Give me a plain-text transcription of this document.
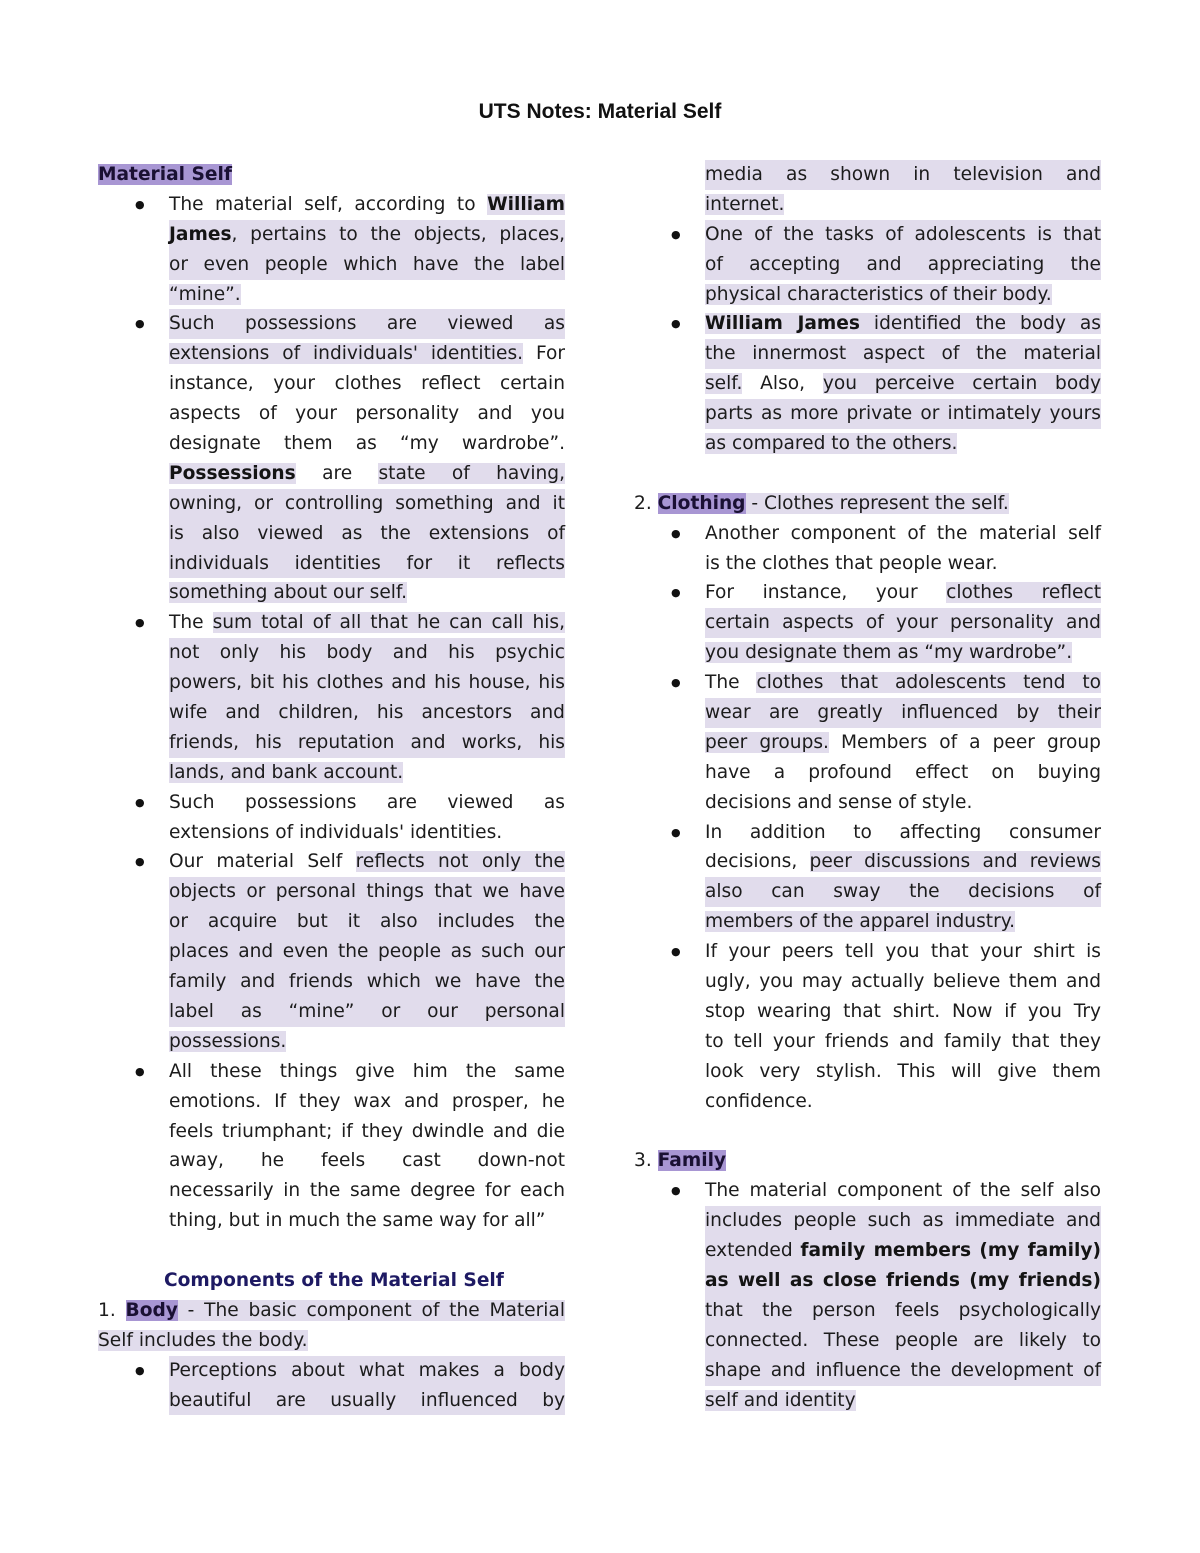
UTS Notes: Material Self
Material Self
● The material self, according to William
James, pertains to the objects, places,
or even people which have the label
“mine”.
● Such possessions are viewed as
extensions of individuals' identities. For
instance, your clothes reflect certain
aspects of your personality and you
designate them as “my wardrobe”.
Possessions are state of having,
owning, or controlling something and it
is also viewed as the extensions of
individuals identities for it reflects
something about our self.
● The sum total of all that he can call his,
not only his body and his psychic
powers, bit his clothes and his house, his
wife and children, his ancestors and
friends, his reputation and works, his
lands, and bank account.
● Such possessions are viewed as
extensions of individuals' identities.
● Our material Self reflects not only the
objects or personal things that we have
or acquire but it also includes the
places and even the people as such our
family and friends which we have the
label as “mine” or our personal
possessions.
● All these things give him the same
emotions. If they wax and prosper, he
feels triumphant; if they dwindle and die
away, he feels cast down-not
necessarily in the same degree for each
thing, but in much the same way for all”
Components of the Material Self
1. Body - The basic component of the Material
Self includes the body.
● Perceptions about what makes a body
beautiful are usually influenced by
media as shown in television and
internet.
● One of the tasks of adolescents is that
of accepting and appreciating the
physical characteristics of their body.
● William James identified the body as
the innermost aspect of the material
self. Also, you perceive certain body
parts as more private or intimately yours
as compared to the others.
2. Clothing - Clothes represent the self.
● Another component of the material self
is the clothes that people wear.
● For instance, your clothes reflect
certain aspects of your personality and
you designate them as “my wardrobe”.
● The clothes that adolescents tend to
wear are greatly influenced by their
peer groups. Members of a peer group
have a profound effect on buying
decisions and sense of style.
● In addition to affecting consumer
decisions, peer discussions and reviews
also can sway the decisions of
members of the apparel industry.
● If your peers tell you that your shirt is
ugly, you may actually believe them and
stop wearing that shirt. Now if you Try
to tell your friends and family that they
look very stylish. This will give them
confidence.
3. Family
● The material component of the self also
includes people such as immediate and
extended family members (my family)
as well as close friends (my friends)
that the person feels psychologically
connected. These people are likely to
shape and influence the development of
self and identity
